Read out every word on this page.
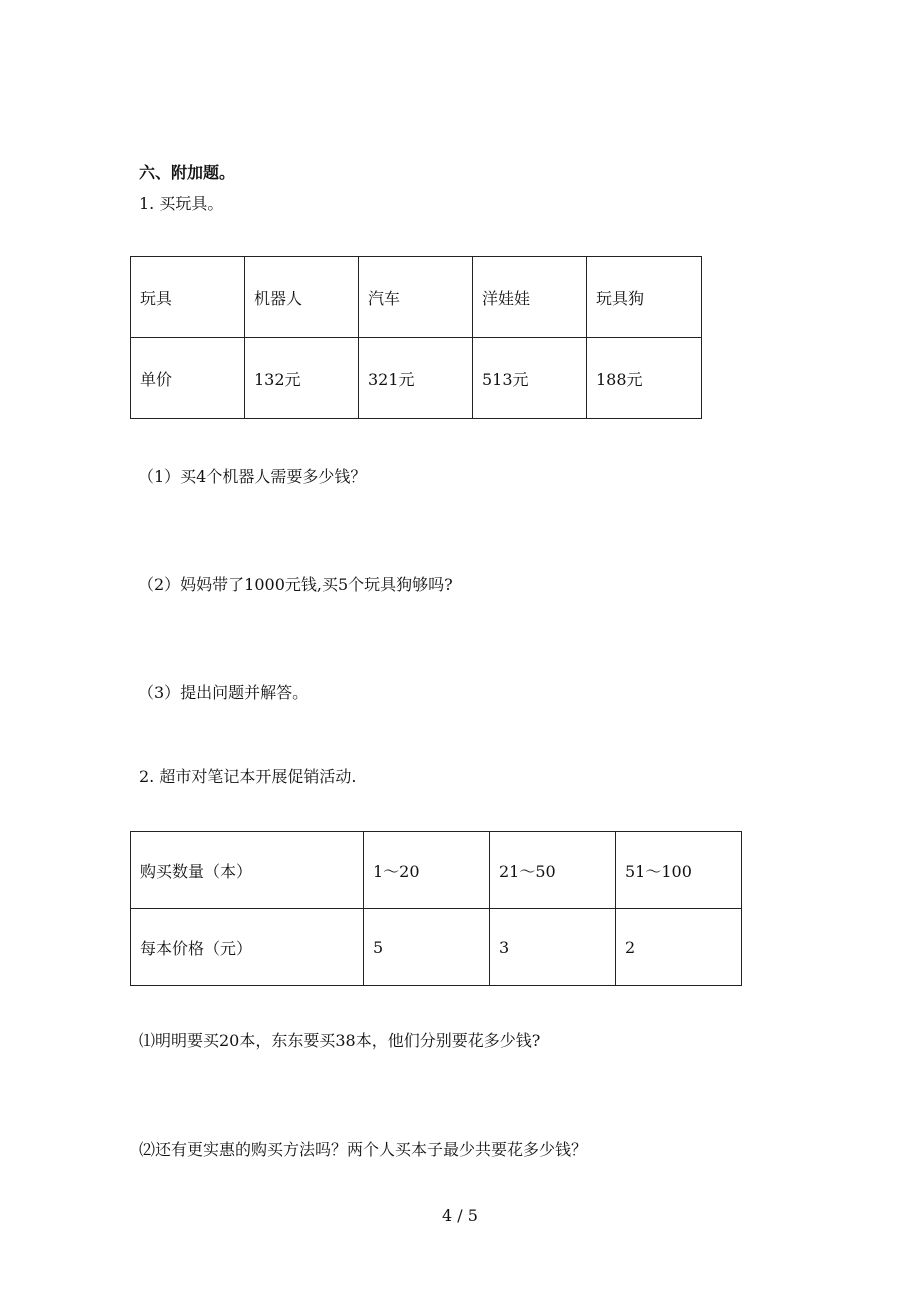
六、附加题。
1. 买玩具。
玩具	机器人	汽车	洋娃娃	玩具狗
单价	132元	321元	513元	188元
（1）买4个机器人需要多少钱？
（2）妈妈带了1000元钱,买5个玩具狗够吗?
（3）提出问题并解答。
2. 超市对笔记本开展促销活动.
购买数量（本）	1～20	21～50	51～100
每本价格（元）	5	3	2
⑴明明要买20本，东东要买38本，他们分别要花多少钱?
⑵还有更实惠的购买方法吗？两个人买本子最少共要花多少钱？
4 / 5
